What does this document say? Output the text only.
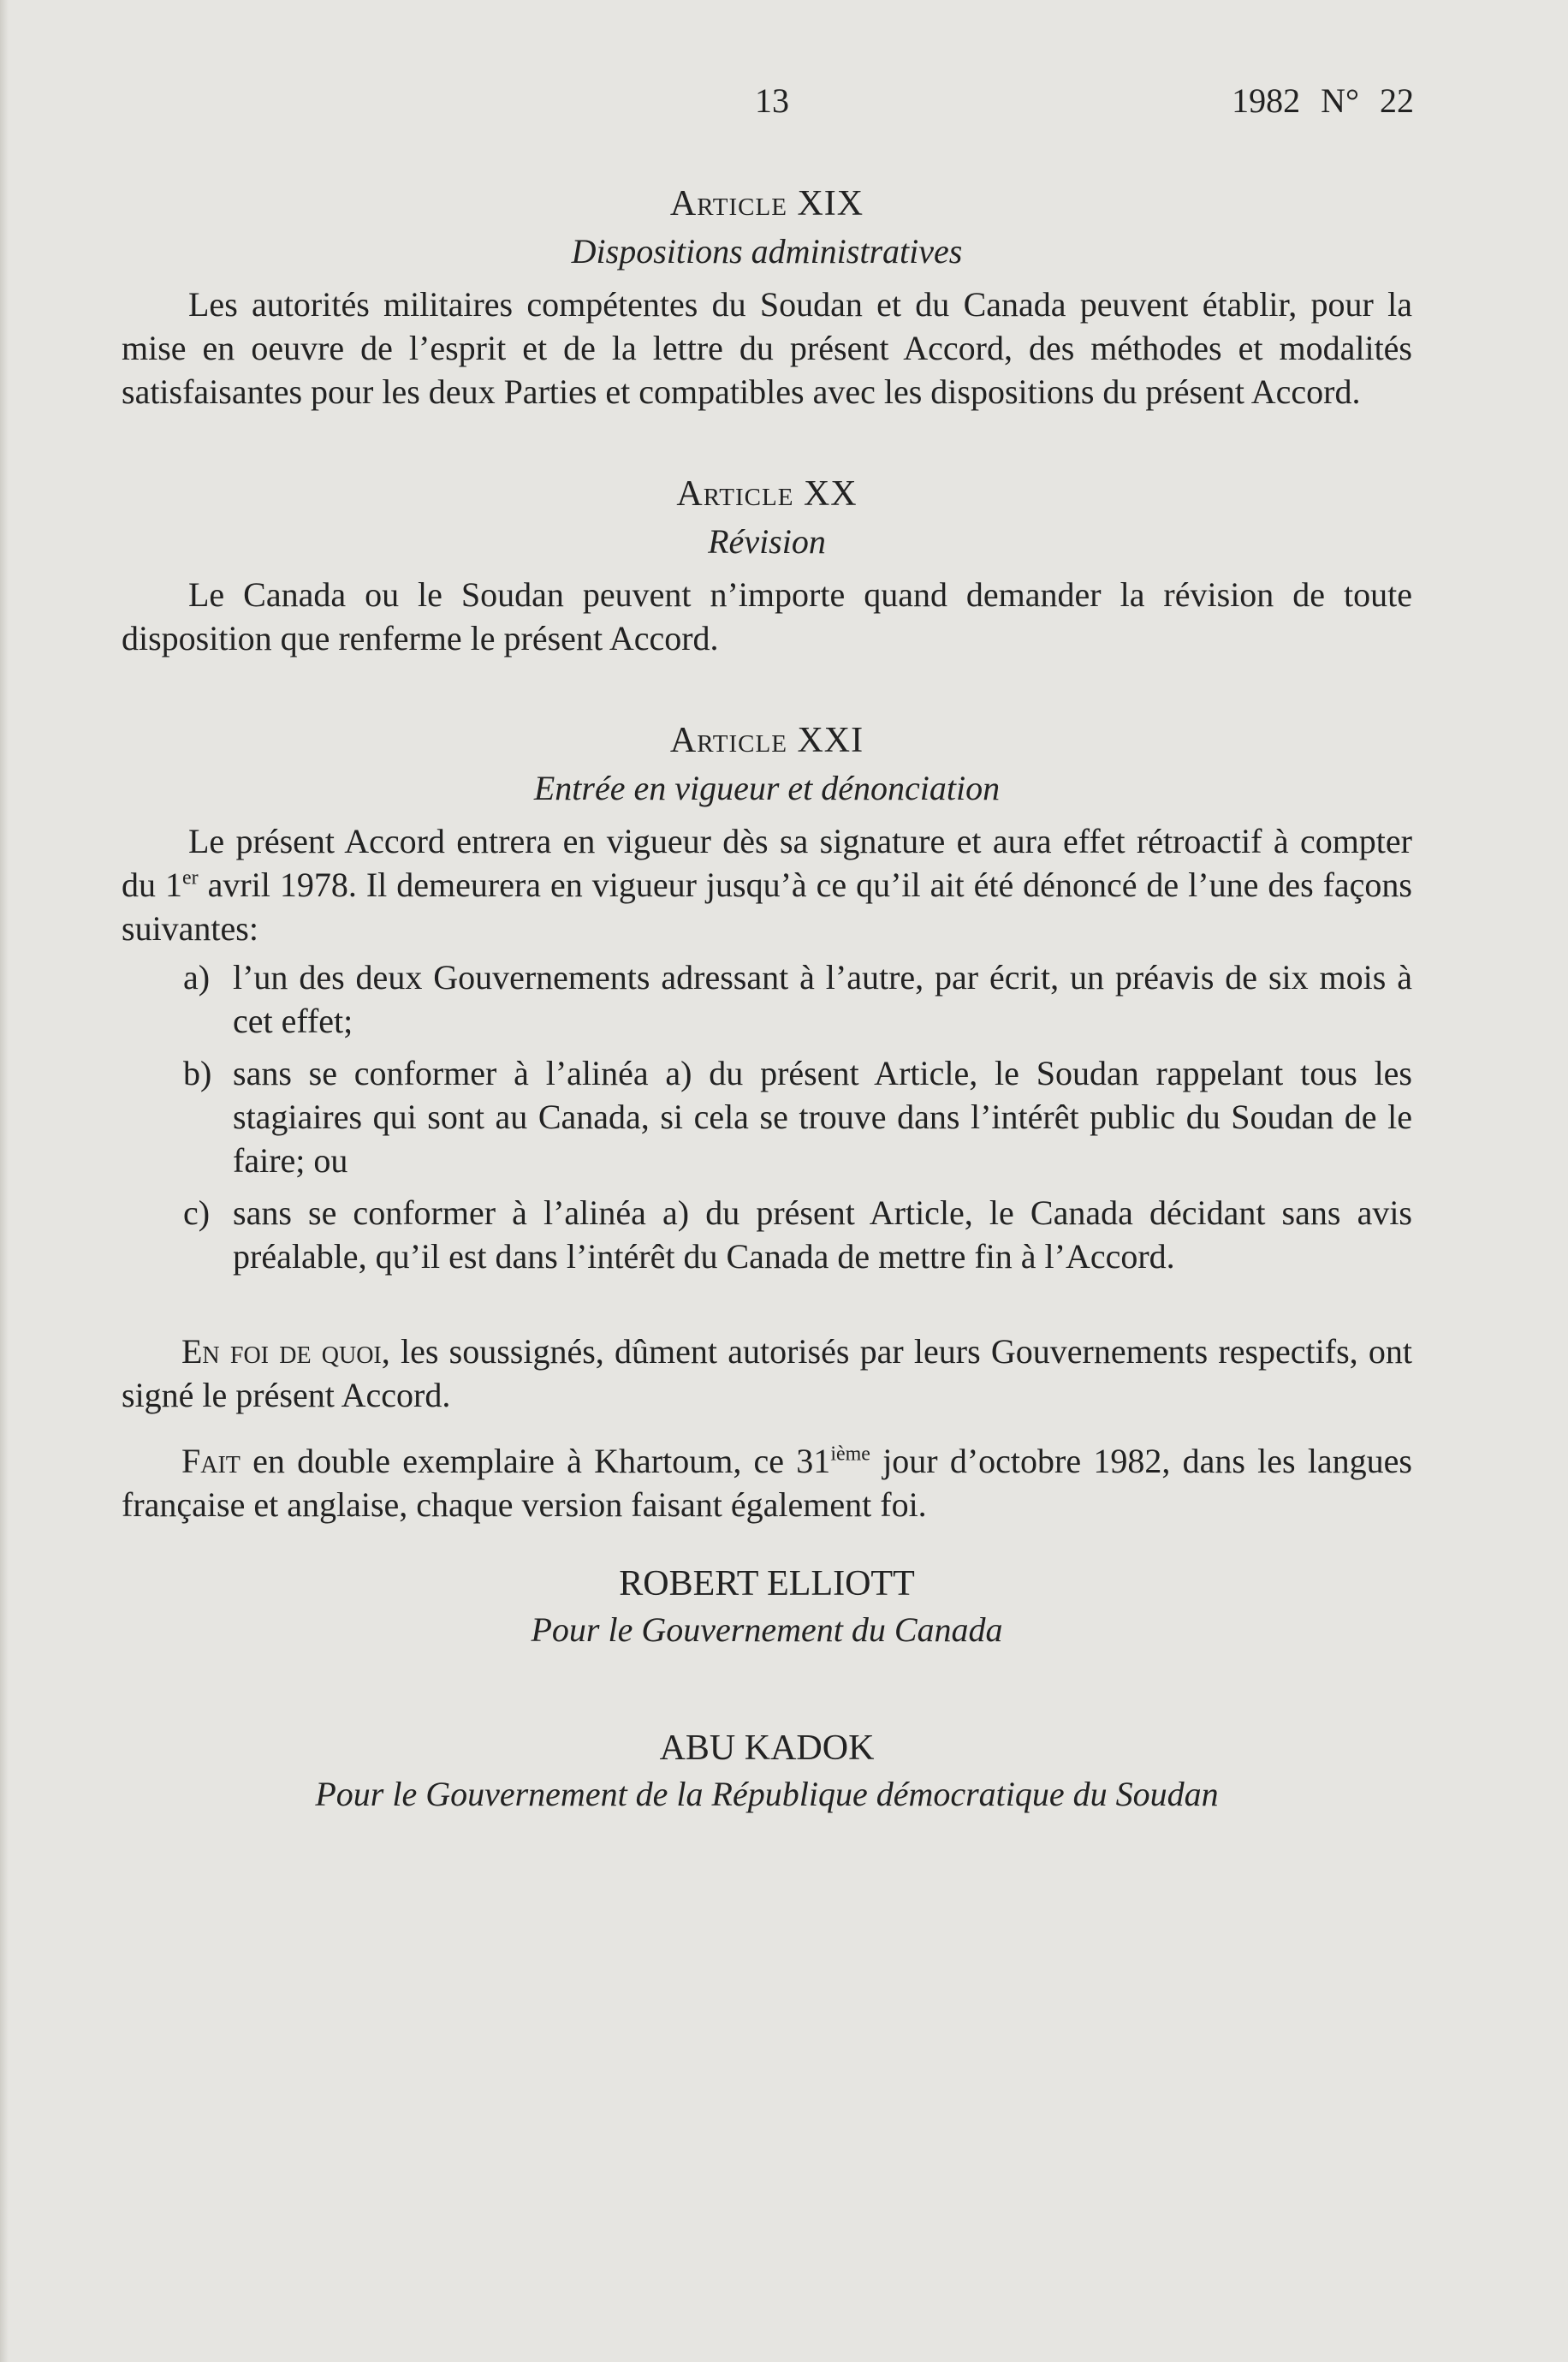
13	1982 N° 22
Article XIX
Dispositions administratives

Les autorités militaires compétentes du Soudan et du Canada peuvent établir, pour la mise en oeuvre de l’esprit et de la lettre du présent Accord, des méthodes et modalités satisfaisantes pour les deux Parties et compatibles avec les dispositions du présent Accord.

Article XX
Révision

Le Canada ou le Soudan peuvent n’importe quand demander la révision de toute disposition que renferme le présent Accord.

Article XXI
Entrée en vigueur et dénonciation

Le présent Accord entrera en vigueur dès sa signature et aura effet rétroactif à compter du 1er avril 1978. Il demeurera en vigueur jusqu’à ce qu’il ait été dénoncé de l’une des façons suivantes:

a) l’un des deux Gouvernements adressant à l’autre, par écrit, un préavis de six mois à cet effet;
b) sans se conformer à l’alinéa a) du présent Article, le Soudan rappelant tous les stagiaires qui sont au Canada, si cela se trouve dans l’intérêt public du Soudan de le faire; ou
c) sans se conformer à l’alinéa a) du présent Article, le Canada décidant sans avis préalable, qu’il est dans l’intérêt du Canada de mettre fin à l’Accord.

En foi de quoi, les soussignés, dûment autorisés par leurs Gouvernements respectifs, ont signé le présent Accord.

Fait en double exemplaire à Khartoum, ce 31ième jour d’octobre 1982, dans les langues française et anglaise, chaque version faisant également foi.

ROBERT ELLIOTT
Pour le Gouvernement du Canada
ABU KADOK
Pour le Gouvernement de la République démocratique du Soudan
